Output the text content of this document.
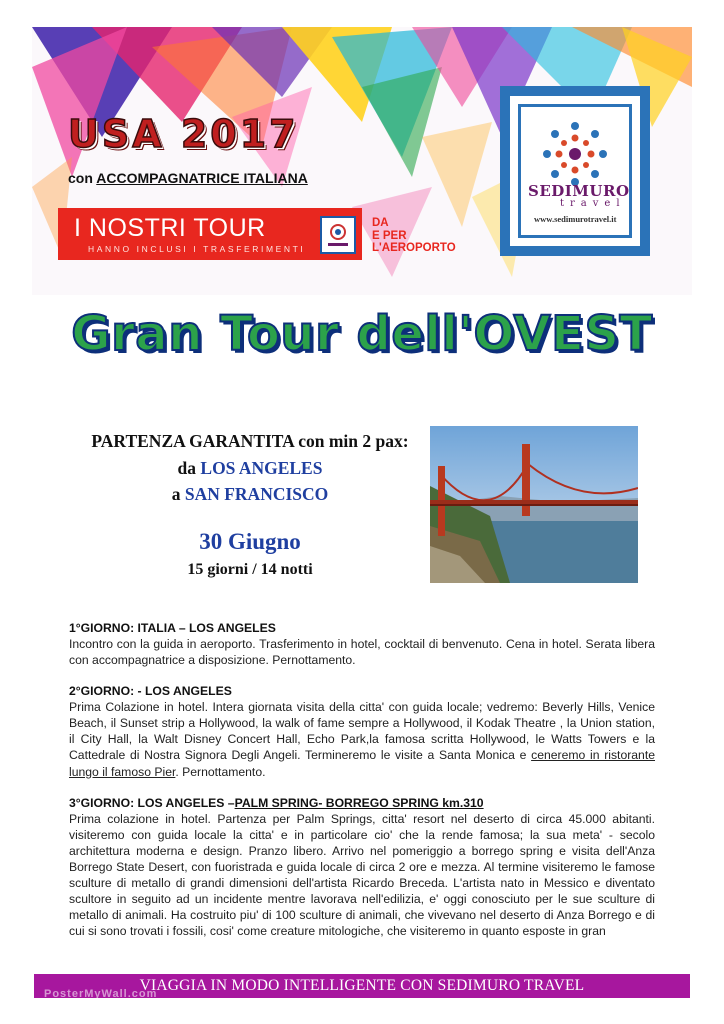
USA 2017
con ACCOMPAGNATRICE ITALIANA
I NOSTRI TOUR
HANNO INCLUSI I TRASFERIMENTI
DA
E PER
L'AEROPORTO
SEDIMURO
travel
www.sedimurotravel.it
Gran Tour dell'OVEST
PARTENZA GARANTITA con min 2 pax:
da LOS ANGELES
a SAN FRANCISCO
30 Giugno
15 giorni / 14 notti
1°GIORNO: ITALIA – LOS ANGELES

Incontro con la guida in aeroporto. Trasferimento in hotel, cocktail di benvenuto. Cena in hotel. Serata libera con accompagnatrice a disposizione. Pernottamento.

2°GIORNO: - LOS ANGELES

Prima Colazione in hotel. Intera giornata visita della citta' con guida locale; vedremo: Beverly Hills, Venice Beach, il Sunset strip a Hollywood, la walk of fame sempre a Hollywood, il Kodak Theatre , la Union station, il City Hall, la Walt Disney Concert Hall, Echo Park,la famosa scritta Hollywood, le Watts Towers e la Cattedrale di Nostra Signora Degli Angeli. Termineremo le visite a Santa Monica e ceneremo in ristorante lungo il famoso Pier. Pernottamento.

3°GIORNO: LOS ANGELES –PALM SPRING- BORREGO SPRING km.310

Prima colazione in hotel. Partenza per Palm Springs, citta' resort nel deserto di circa 45.000 abitanti. visiteremo con guida locale la citta' e in particolare cio' che la rende famosa; la sua meta' - secolo architettura moderna e design. Pranzo libero. Arrivo nel pomeriggio a borrego spring e visita dell'Anza Borrego State Desert, con fuoristrada e guida locale di circa 2 ore e mezza. Al termine visiteremo le famose sculture di metallo di grandi dimensioni dell'artista Ricardo Breceda. L'artista nato in Messico e diventato scultore in seguito ad un incidente mentre lavorava nell'edilizia, e' oggi conosciuto per le sue sculture di metallo di animali. Ha costruito piu' di 100 sculture di animali, che vivevano nel deserto di Anza Borrego e di cui si sono trovati i fossili, cosi' come creature mitologiche, che visiteremo in quanto esposte in gran

VIAGGIA IN MODO INTELLIGENTE CON SEDIMURO TRAVEL
PosterMyWall.com
